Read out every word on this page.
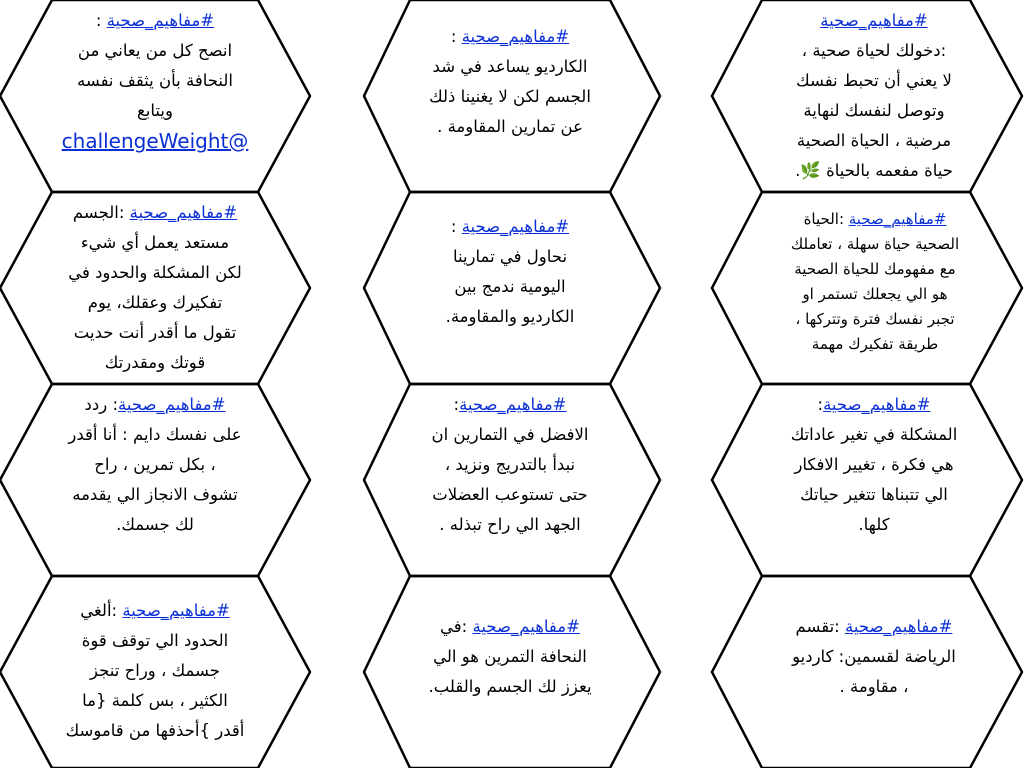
#مفاهيم_صحية :
انصح كل من يعاني من
النحافة بأن يثقف نفسه
ويتابع
@challengeWeight
#مفاهيم_صحية :
الكارديو يساعد في شد
الجسم لكن لا يغنينا ذلك
عن تمارين المقاومة .
#مفاهيم_صحية
:دخولك لحياة صحية ،
لا يعني أن تحبط نفسك
وتوصل لنفسك لنهاية
مرضية ، الحياة الصحية
حياة مفعمه بالحياة 🌿.
#مفاهيم_صحية :الجسم
مستعد يعمل أي شيء
لكن المشكلة والحدود في
تفكيرك وعقلك، يوم
تقول ما أقدر أنت حديت
قوتك ومقدرتك
#مفاهيم_صحية :
نحاول في تمارينا
اليومية ندمج بين
الكارديو والمقاومة.
#مفاهيم_صحية :الحياة
الصحية حياة سهلة ، تعاملك
مع مفهومك للحياة الصحية
هو الي يجعلك تستمر او
تجبر نفسك فترة وتتركها ،
طريقة تفكيرك مهمة
#مفاهيم_صحية: ردد
على نفسك دايم : أنا أقدر
، بكل تمرين ، راح
تشوف الانجاز الي يقدمه
لك جسمك.
#مفاهيم_صحية:
الافضل في التمارين ان
نبدأ بالتدريج ونزيد ،
حتى تستوعب العضلات
الجهد الي راح تبذله .
#مفاهيم_صحية:
المشكلة في تغير عاداتك
هي فكرة ، تغيير الافكار
الي تتبناها تتغير حياتك
كلها.
#مفاهيم_صحية :ألغي
الحدود الي توقف قوة
جسمك ، وراح تنجز
الكثير ، بس كلمة {ما
أقدر }أحذفها من قاموسك
#مفاهيم_صحية :في
النحافة التمرين هو الي
يعزز لك الجسم والقلب.
#مفاهيم_صحية :تقسم
الرياضة لقسمين: كارديو
، مقاومة .
